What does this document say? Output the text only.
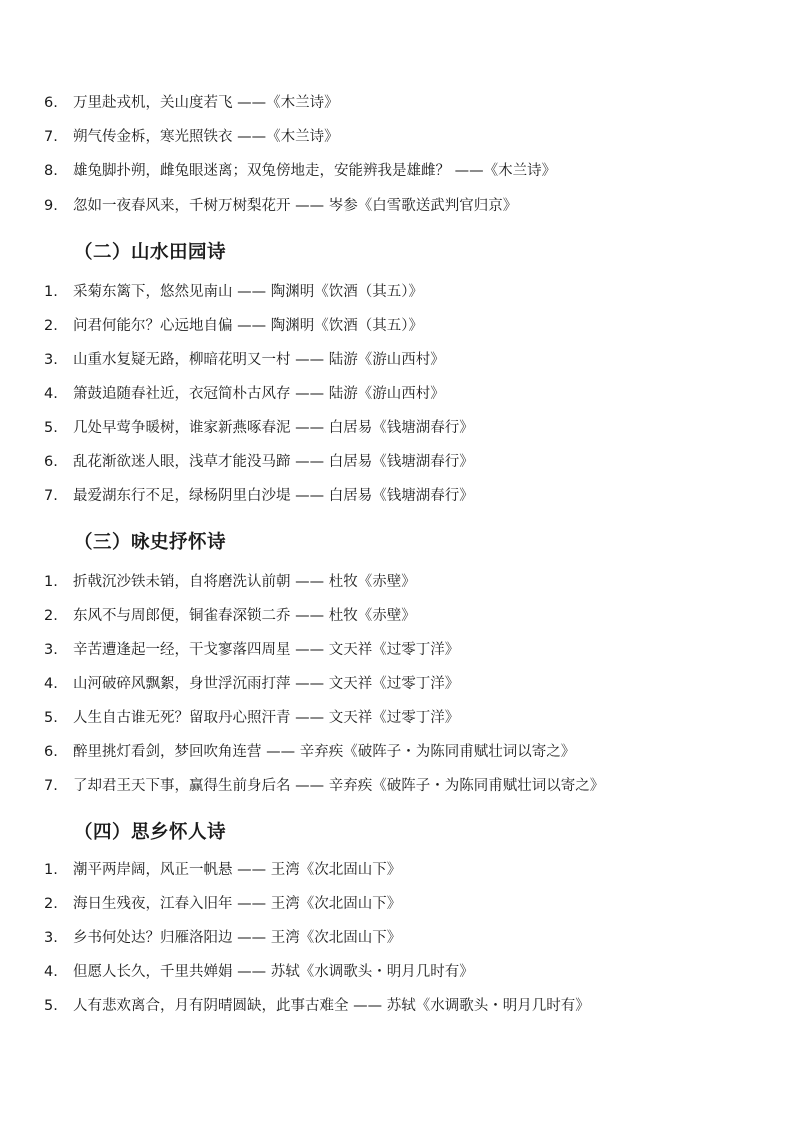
6. 万里赴戎机，关山度若飞 ——《木兰诗》
7. 朔气传金柝，寒光照铁衣 ——《木兰诗》
8. 雄兔脚扑朔，雌兔眼迷离；双兔傍地走，安能辨我是雄雌？ ——《木兰诗》
9. 忽如一夜春风来，千树万树梨花开 —— 岑参《白雪歌送武判官归京》
（二）山水田园诗
1. 采菊东篱下，悠然见南山 —— 陶渊明《饮酒（其五）》
2. 问君何能尔？心远地自偏 —— 陶渊明《饮酒（其五）》
3. 山重水复疑无路，柳暗花明又一村 —— 陆游《游山西村》
4. 箫鼓追随春社近，衣冠简朴古风存 —— 陆游《游山西村》
5. 几处早莺争暖树，谁家新燕啄春泥 —— 白居易《钱塘湖春行》
6. 乱花渐欲迷人眼，浅草才能没马蹄 —— 白居易《钱塘湖春行》
7. 最爱湖东行不足，绿杨阴里白沙堤 —— 白居易《钱塘湖春行》
（三）咏史抒怀诗
1. 折戟沉沙铁未销，自将磨洗认前朝 —— 杜牧《赤壁》
2. 东风不与周郎便，铜雀春深锁二乔 —— 杜牧《赤壁》
3. 辛苦遭逢起一经，干戈寥落四周星 —— 文天祥《过零丁洋》
4. 山河破碎风飘絮，身世浮沉雨打萍 —— 文天祥《过零丁洋》
5. 人生自古谁无死？留取丹心照汗青 —— 文天祥《过零丁洋》
6. 醉里挑灯看剑，梦回吹角连营 —— 辛弃疾《破阵子・为陈同甫赋壮词以寄之》
7. 了却君王天下事，赢得生前身后名 —— 辛弃疾《破阵子・为陈同甫赋壮词以寄之》
（四）思乡怀人诗
1. 潮平两岸阔，风正一帆悬 —— 王湾《次北固山下》
2. 海日生残夜，江春入旧年 —— 王湾《次北固山下》
3. 乡书何处达？归雁洛阳边 —— 王湾《次北固山下》
4. 但愿人长久，千里共婵娟 —— 苏轼《水调歌头・明月几时有》
5. 人有悲欢离合，月有阴晴圆缺，此事古难全 —— 苏轼《水调歌头・明月几时有》
